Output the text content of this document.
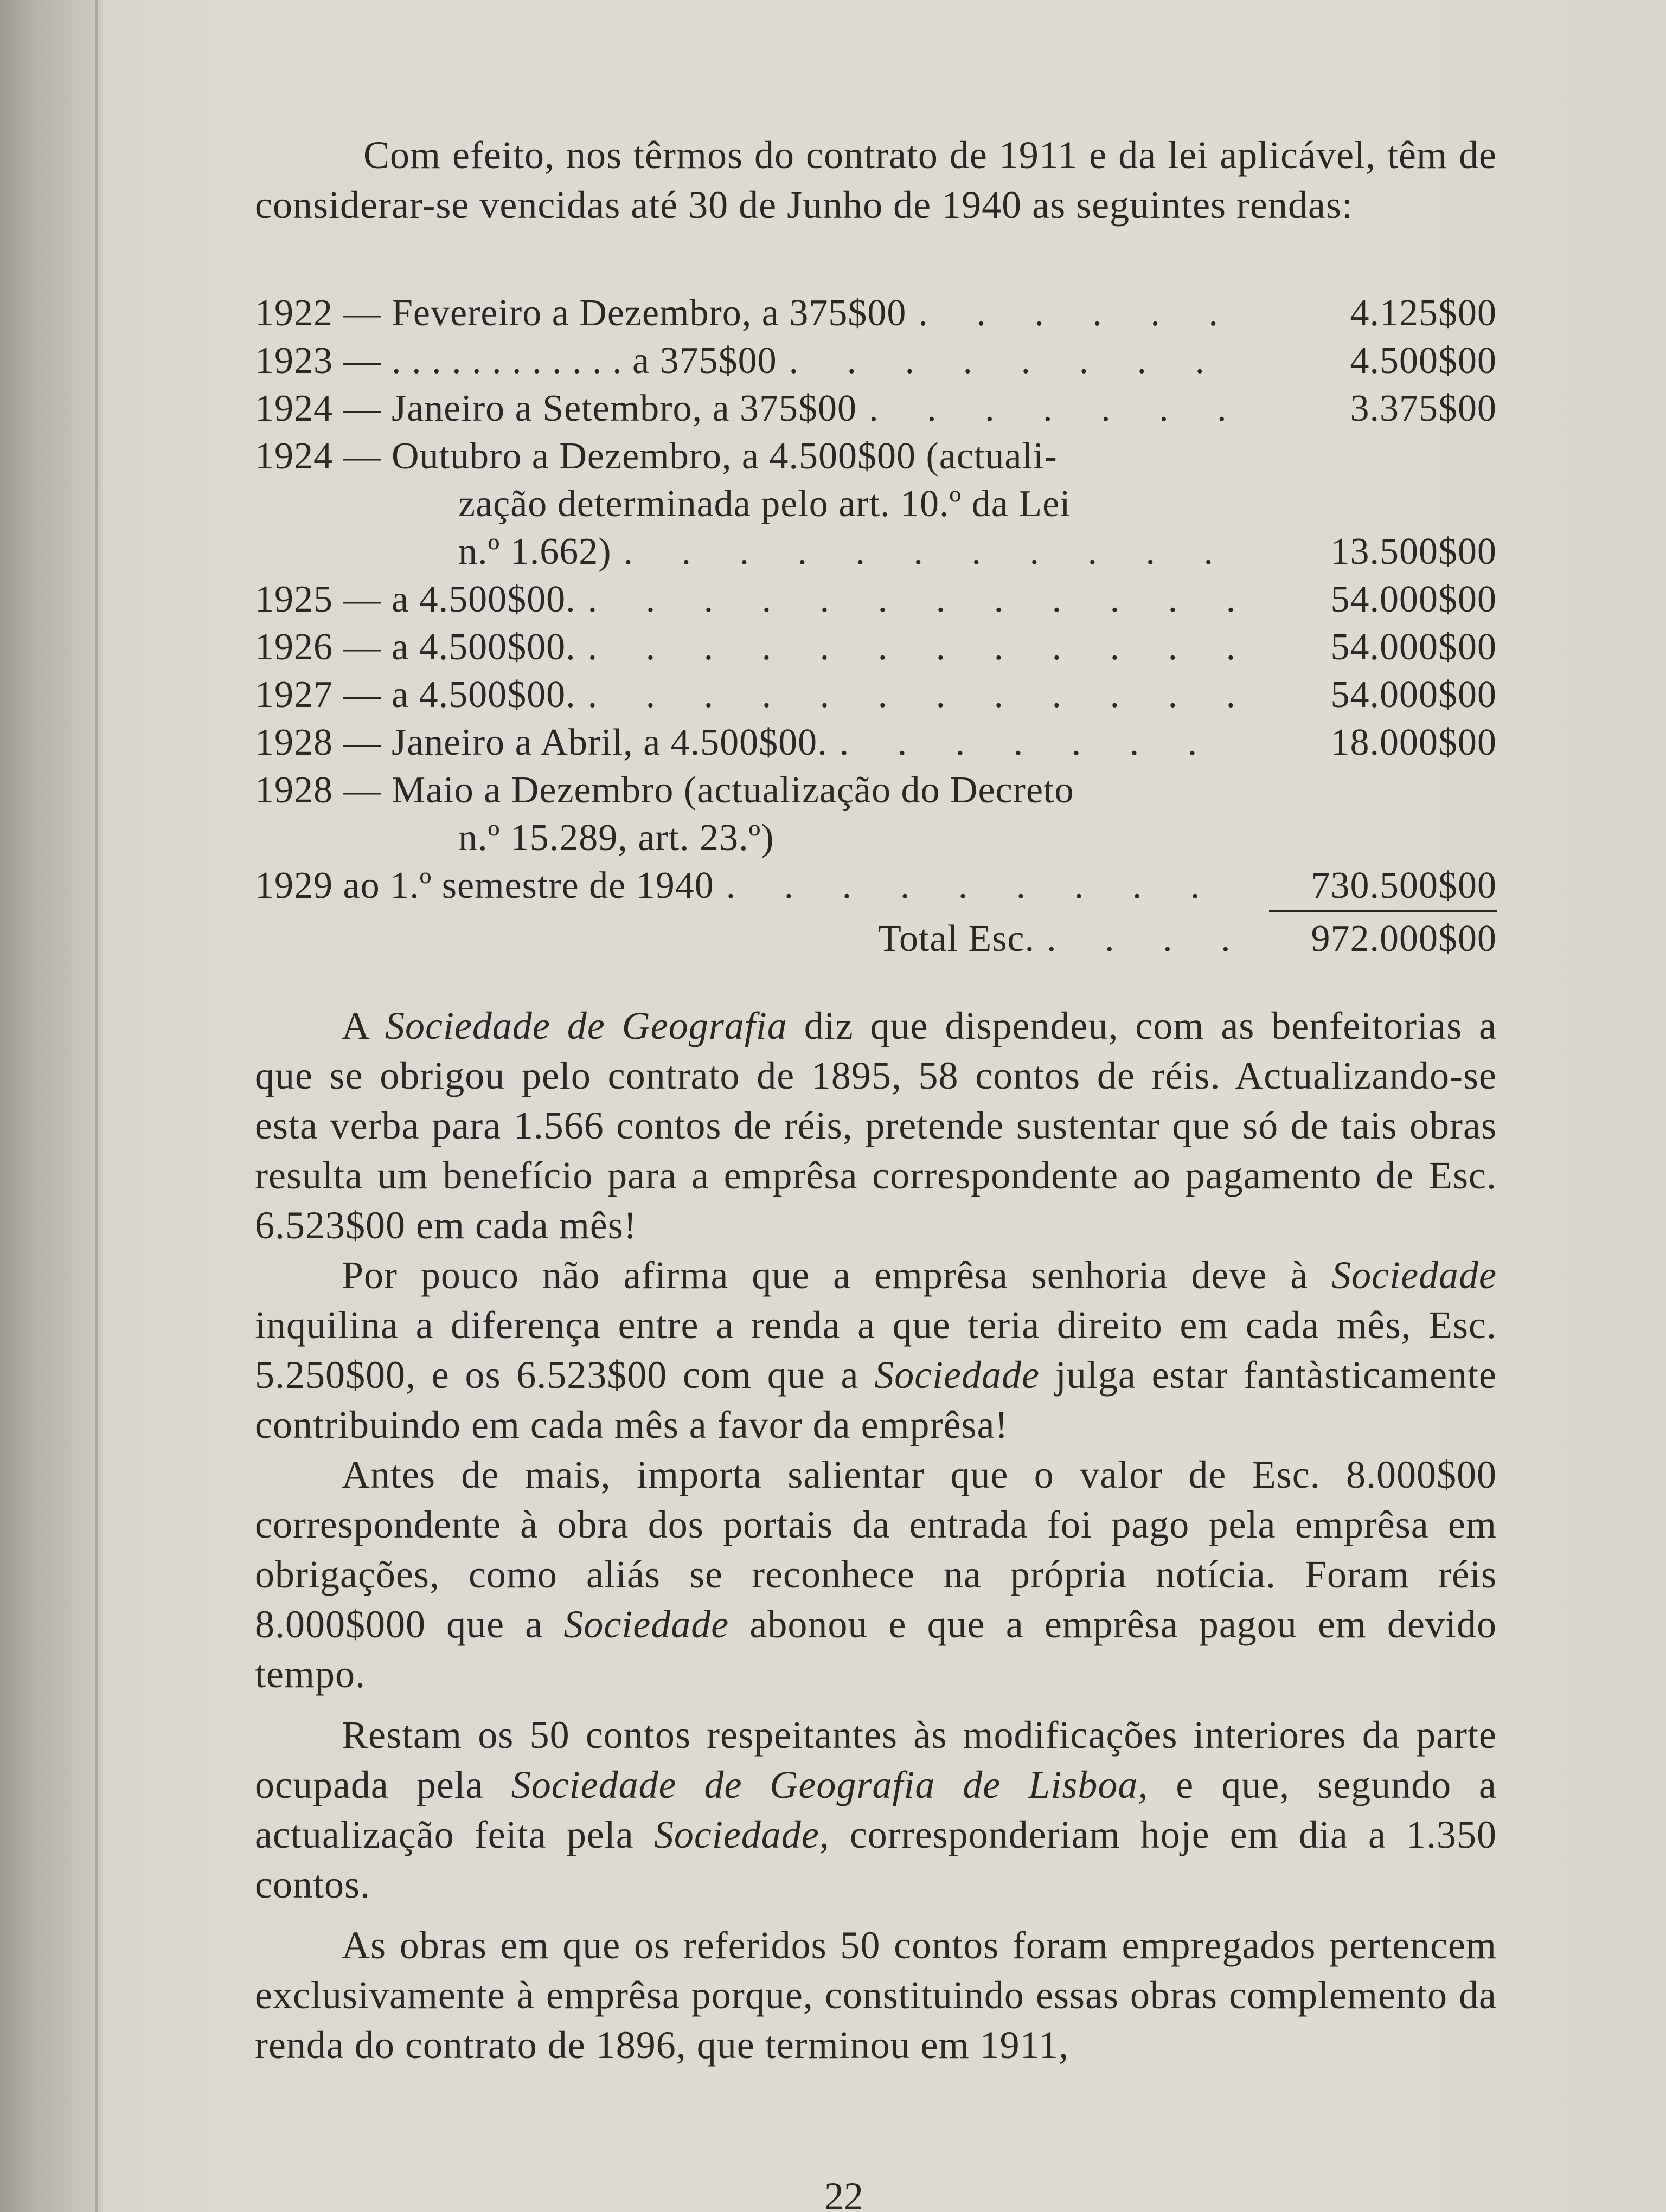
Com efeito, nos têrmos do contrato de 1911 e da lei aplicável, têm de considerar-se vencidas até 30 de Junho de 1940 as seguintes rendas:

1922 — Fevereiro a Dezembro, a 375$00 . . .	4.125$00
1923 — . . . . . . . . . . . . a 375$00 . . .	4.500$00
1924 — Janeiro a Setembro, a 375$00 . . .	3.375$00
1924 — Outubro a Dezembro, a 4.500$00 (actuali-
zação determinada pelo art. 10.º da Lei
n.º 1.662) . . .	13.500$00
1925 — a 4.500$00. . . .	54.000$00
1926 — a 4.500$00. . . .	54.000$00
1927 — a 4.500$00. . . .	54.000$00
1928 — Janeiro a Abril, a 4.500$00. . . .	18.000$00
1928 — Maio a Dezembro (actualização do Decreto
n.º 15.289, art. 23.º)
1929 ao 1.º semestre de 1940 . . .	730.500$00
Total Esc. . . .	972.000$00

A Sociedade de Geografia diz que dispendeu, com as benfeitorias a que se obrigou pelo contrato de 1895, 58 contos de réis. Actualizando-se esta verba para 1.566 contos de réis, pretende sustentar que só de tais obras resulta um benefício para a emprêsa correspondente ao pagamento de Esc. 6.523$00 em cada mês!

Por pouco não afirma que a emprêsa senhoria deve à Sociedade inquilina a diferença entre a renda a que teria direito em cada mês, Esc. 5.250$00, e os 6.523$00 com que a Sociedade julga estar fantàsticamente contribuindo em cada mês a favor da emprêsa!

Antes de mais, importa salientar que o valor de Esc. 8.000$00 correspondente à obra dos portais da entrada foi pago pela emprêsa em obrigações, como aliás se reconhece na própria notícia. Foram réis 8.000$000 que a Sociedade abonou e que a emprêsa pagou em devido tempo.

Restam os 50 contos respeitantes às modificações interiores da parte ocupada pela Sociedade de Geografia de Lisboa, e que, segundo a actualização feita pela Sociedade, corresponderiam hoje em dia a 1.350 contos.

As obras em que os referidos 50 contos foram empregados pertencem exclusivamente à emprêsa porque, constituindo essas obras complemento da renda do contrato de 1896, que terminou em 1911,

22
